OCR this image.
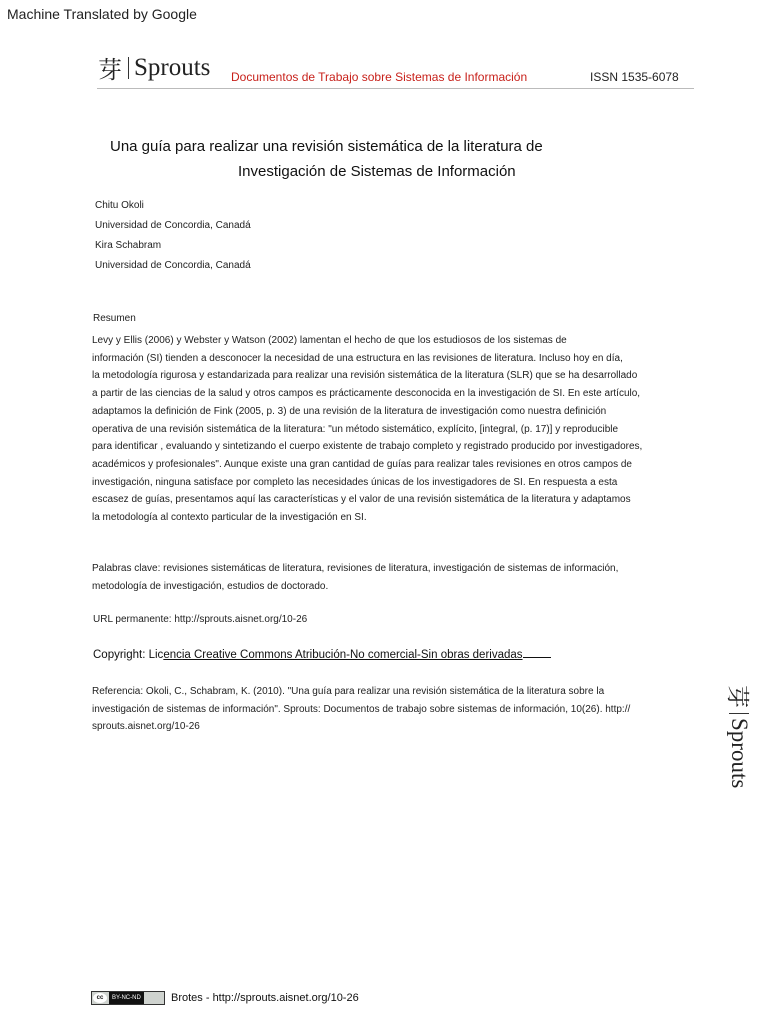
Machine Translated by Google
芽 Sprouts Documentos de Trabajo sobre Sistemas de Información	ISSN 1535-6078
Una guía para realizar una revisión sistemática de la literatura de
Investigación de Sistemas de Información
Chitu Okoli
Universidad de Concordia, Canadá
Kira Schabram
Universidad de Concordia, Canadá
Resumen
Levy y Ellis (2006) y Webster y Watson (2002) lamentan el hecho de que los estudiosos de los sistemas de
información (SI) tienden a desconocer la necesidad de una estructura en las revisiones de literatura. Incluso hoy en día,
la metodología rigurosa y estandarizada para realizar una revisión sistemática de la literatura (SLR) que se ha desarrollado
a partir de las ciencias de la salud y otros campos es prácticamente desconocida en la investigación de SI. En este artículo,
adaptamos la definición de Fink (2005, p. 3) de una revisión de la literatura de investigación como nuestra definición
operativa de una revisión sistemática de la literatura: "un método sistemático, explícito, [integral, (p. 17)] y reproducible
para identificar , evaluando y sintetizando el cuerpo existente de trabajo completo y registrado producido por investigadores,
académicos y profesionales". Aunque existe una gran cantidad de guías para realizar tales revisiones en otros campos de
investigación, ninguna satisface por completo las necesidades únicas de los investigadores de SI. En respuesta a esta
escasez de guías, presentamos aquí las características y el valor de una revisión sistemática de la literatura y adaptamos
la metodología al contexto particular de la investigación en SI.
Palabras clave: revisiones sistemáticas de literatura, revisiones de literatura, investigación de sistemas de información,
metodología de investigación, estudios de doctorado.
URL permanente: http://sprouts.aisnet.org/10-26
Copyright: Licencia Creative Commons Atribución-No comercial-Sin obras derivadas
Referencia: Okoli, C., Schabram, K. (2010). "Una guía para realizar una revisión sistemática de la literatura sobre la
investigación de sistemas de información". Sprouts: Documentos de trabajo sobre sistemas de información, 10(26). http://
sprouts.aisnet.org/10-26
芽
Sprouts
cc	BY-NC-ND	Brotes - http://sprouts.aisnet.org/10-26
